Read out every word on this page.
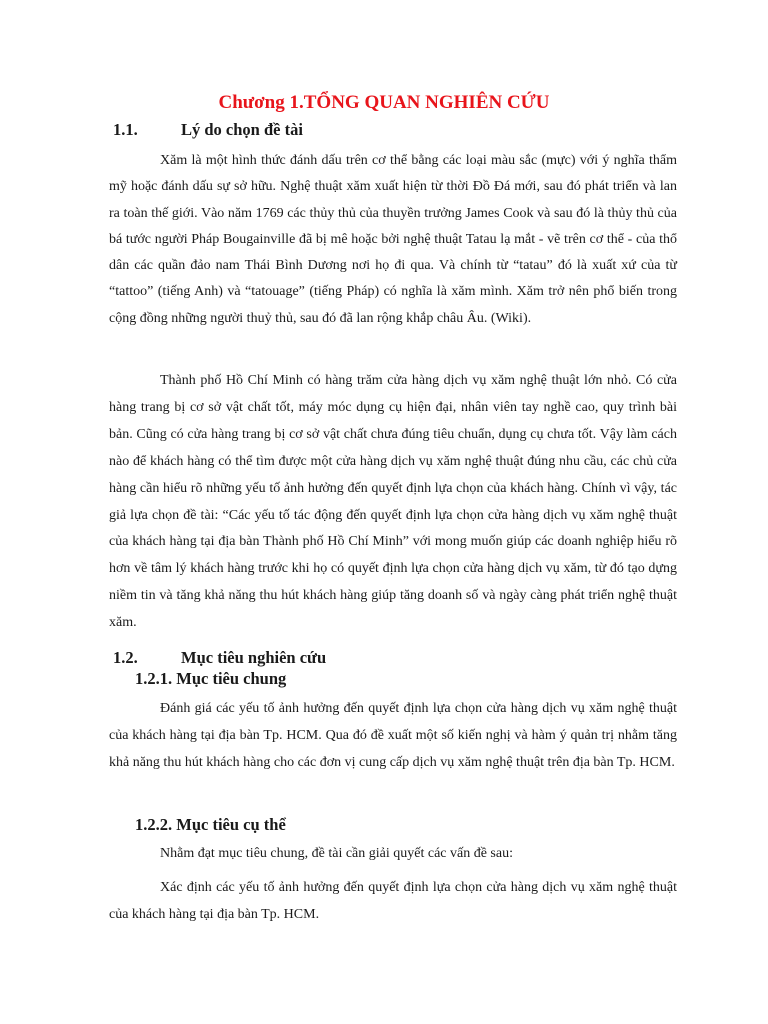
Chương 1.TỔNG QUAN NGHIÊN CỨU
1.1.	Lý do chọn đề tài

Xăm là một hình thức đánh dấu trên cơ thể bằng các loại màu sắc (mực) với ý nghĩa thẩm mỹ hoặc đánh dấu sự sở hữu. Nghệ thuật xăm xuất hiện từ thời Đồ Đá mới, sau đó phát triển và lan ra toàn thế giới. Vào năm 1769 các thủy thủ của thuyền trưởng James Cook và sau đó là thủy thủ của bá tước người Pháp Bougainville đã bị mê hoặc bởi nghệ thuật Tatau lạ mắt - vẽ trên cơ thể - của thổ dân các quần đảo nam Thái Bình Dương nơi họ đi qua. Và chính từ “tatau” đó là xuất xứ của từ “tattoo” (tiếng Anh) và “tatouage” (tiếng Pháp) có nghĩa là xăm mình. Xăm trở nên phổ biến trong cộng đồng những người thuỷ thủ, sau đó đã lan rộng khắp châu Âu. (Wiki).

Thành phố Hồ Chí Minh có hàng trăm cửa hàng dịch vụ xăm nghệ thuật lớn nhỏ. Có cửa hàng trang bị cơ sở vật chất tốt, máy móc dụng cụ hiện đại, nhân viên tay nghề cao, quy trình bài bản. Cũng có cửa hàng trang bị cơ sở vật chất chưa đúng tiêu chuẩn, dụng cụ chưa tốt. Vậy làm cách nào để khách hàng có thể tìm được một cửa hàng dịch vụ xăm nghệ thuật đúng nhu cầu, các chủ cửa hàng cần hiểu rõ những yếu tố ảnh hưởng đến quyết định lựa chọn của khách hàng. Chính vì vậy, tác giả lựa chọn đề tài: “Các yếu tố tác động đến quyết định lựa chọn cửa hàng dịch vụ xăm nghệ thuật của khách hàng tại địa bàn Thành phố Hồ Chí Minh” với mong muốn giúp các doanh nghiệp hiểu rõ hơn về tâm lý khách hàng trước khi họ có quyết định lựa chọn cửa hàng dịch vụ xăm, từ đó tạo dựng niềm tin và tăng khả năng thu hút khách hàng giúp tăng doanh số và ngày càng phát triển nghệ thuật xăm.

1.2.	Mục tiêu nghiên cứu
1.2.1. Mục tiêu chung

Đánh giá các yếu tố ảnh hưởng đến quyết định lựa chọn cửa hàng dịch vụ xăm nghệ thuật của khách hàng tại địa bàn Tp. HCM. Qua đó đề xuất một số kiến nghị và hàm ý quản trị nhằm tăng khả năng thu hút khách hàng cho các đơn vị cung cấp dịch vụ xăm nghệ thuật trên địa bàn Tp. HCM.

1.2.2. Mục tiêu cụ thể

Nhằm đạt mục tiêu chung, đề tài cần giải quyết các vấn đề sau:

Xác định các yếu tố ảnh hưởng đến quyết định lựa chọn cửa hàng dịch vụ xăm nghệ thuật của khách hàng tại địa bàn Tp. HCM.
